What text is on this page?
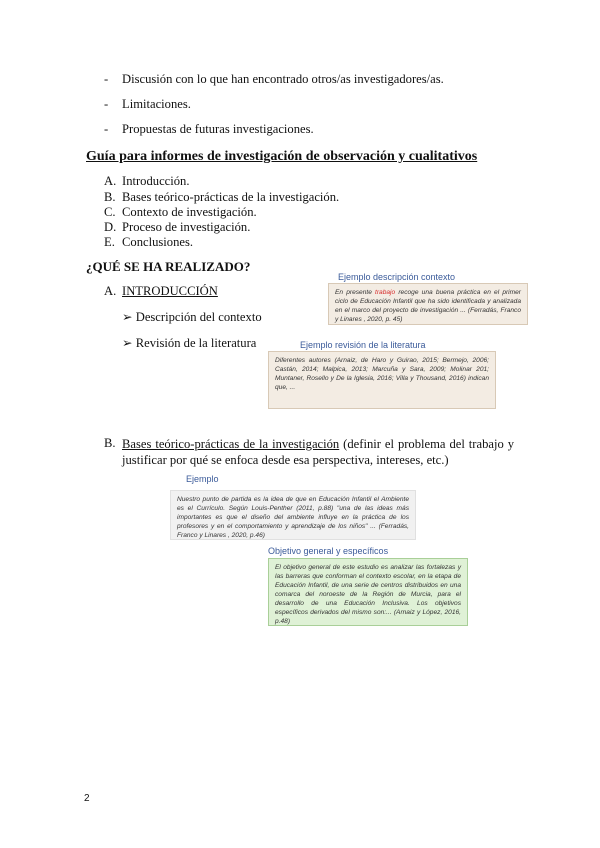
- Discusión con lo que han encontrado otros/as investigadores/as.
- Limitaciones.
- Propuestas de futuras investigaciones.
Guía para informes de investigación de observación y cualitativos
A. Introducción.
B. Bases teórico-prácticas de la investigación.
C. Contexto de investigación.
D. Proceso de investigación.
E. Conclusiones.
¿QUÉ SE HA REALIZADO?
A. INTRODUCCIÓN
➢ Descripción del contexto
➢ Revisión de la literatura
Ejemplo descripción contexto
En presente trabajo recoge una buena práctica en el primer ciclo de Educación Infantil que ha sido identificada y analizada en el marco del proyecto de investigación ... (Ferradás, Franco y Linares , 2020, p. 45)
Ejemplo revisión de la literatura
Diferentes autores (Arnaiz, de Haro y Guirao, 2015; Bermejo, 2006; Castán, 2014; Malpica, 2013; Marcuña y Sara, 2009; Molinar 201; Muntaner, Rosello y De la Iglesia, 2016; Villa y Thousand, 2016) indican que, ...
B. Bases teórico-prácticas de la investigación (definir el problema del trabajo y justificar por qué se enfoca desde esa perspectiva, intereses, etc.)
Ejemplo
Nuestro punto de partida es la idea de que en Educación Infantil el Ambiente es el Currículo. Según Louis-Penther (2011, p.88) "una de las ideas más importantes es que el diseño del ambiente influye en la práctica de los profesores y en el comportamiento y aprendizaje de los niños" ... (Ferradás, Franco y Linares , 2020, p.46)
Objetivo general y específicos
El objetivo general de este estudio es analizar las fortalezas y las barreras que conforman el contexto escolar, en la etapa de Educación Infantil, de una serie de centros distribuidos en una comarca del noroeste de la Región de Murcia, para el desarrollo de una Educación Inclusiva. Los objetivos específicos derivados del mismo son:... (Arnaiz y López, 2016, p.48)
2
